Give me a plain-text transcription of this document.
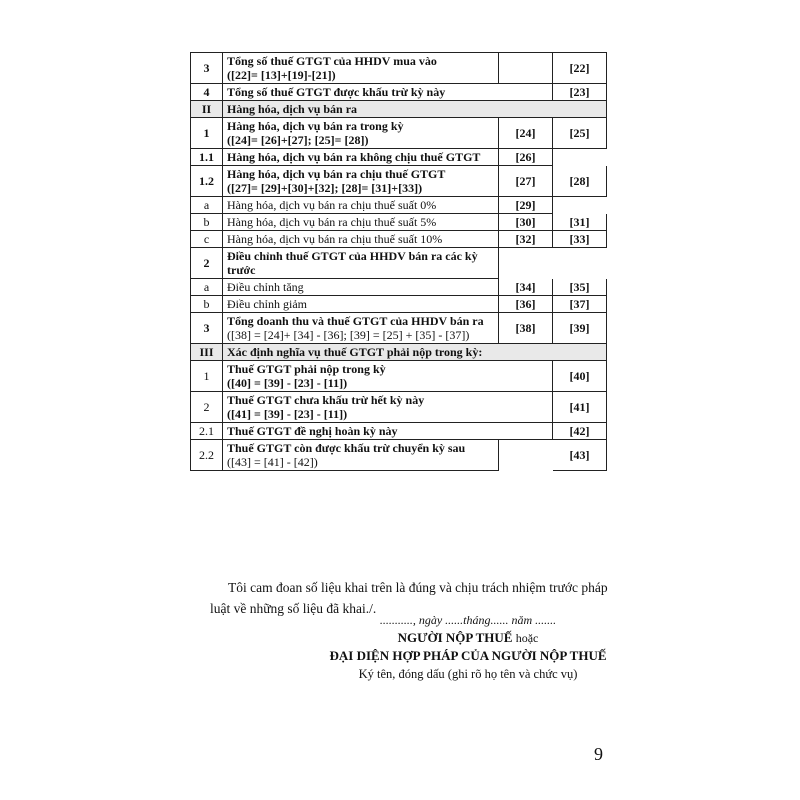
3	Tổng số thuế GTGT của HHDV mua vào
([22]= [13]+[19]-[21])		[22]
4	Tổng số thuế GTGT được khấu trừ kỳ này		[23]
II	Hàng hóa, dịch vụ bán ra		
1	Hàng hóa, dịch vụ bán ra trong kỳ
([24]= [26]+[27]; [25]= [28])	[24]	[25]
1.1	Hàng hóa, dịch vụ bán ra không chịu thuế GTGT	[26]	
1.2	Hàng hóa, dịch vụ bán ra chịu thuế GTGT
([27]= [29]+[30]+[32]; [28]= [31]+[33])	[27]	[28]
a	Hàng hóa, dịch vụ bán ra chịu thuế suất 0%	[29]	
b	Hàng hóa, dịch vụ bán ra chịu thuế suất 5%	[30]	[31]
c	Hàng hóa, dịch vụ bán ra chịu thuế suất 10%	[32]	[33]
2	Điều chỉnh thuế GTGT của HHDV bán ra các kỳ trước		
a	Điều chỉnh tăng	[34]	[35]
b	Điều chỉnh giảm	[36]	[37]
3	Tổng doanh thu và thuế GTGT của HHDV bán ra
([38] = [24]+ [34] - [36]; [39] = [25] + [35] - [37])	[38]	[39]
III	Xác định nghĩa vụ thuế GTGT phải nộp trong kỳ:		
1	Thuế GTGT phải nộp trong kỳ
([40] = [39] - [23] - [11])		[40]
2	Thuế GTGT chưa khấu trừ hết kỳ này
([41] = [39] - [23] - [11])		[41]
2.1	Thuế GTGT đề nghị hoàn kỳ này		[42]
2.2	Thuế GTGT còn được khấu trừ chuyển kỳ sau
([43] = [41] - [42])		[43]

Tôi cam đoan số liệu khai trên là đúng và chịu trách nhiệm trước pháp luật về những số liệu đã khai./.

..........., ngày ......tháng...... năm .......
NGƯỜI NỘP THUẾ hoặc
ĐẠI DIỆN HỢP PHÁP CỦA NGƯỜI NỘP THUẾ
Ký tên, đóng dấu (ghi rõ họ tên và chức vụ)
9
